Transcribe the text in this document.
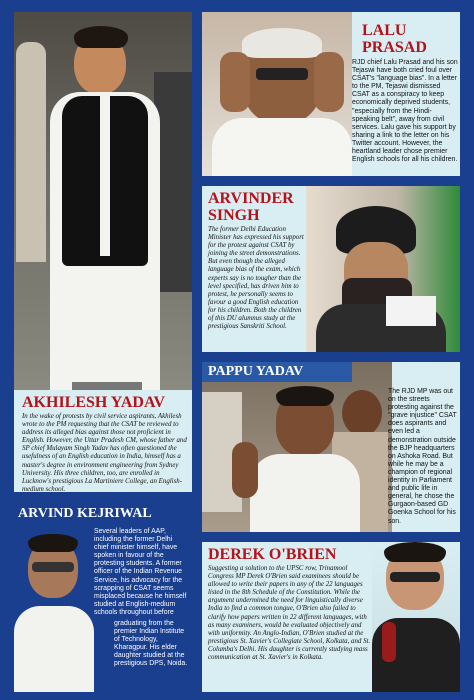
AKHILESH YADAV
In the wake of protests by civil service aspirants, Akhilesh wrote to the PM requesting that the CSAT be reviewed to address its alleged bias against those not proficient in English. However, the Uttar Pradesh CM, whose father and SP chief Mulayam Singh Yadav has often questioned the usefulness of an English education in India, himself has a master's degree in environment engineering from Sydney University. His three children, too, are enrolled in Lucknow's prestigious La Martiniere College, an English-medium school.
LALU
PRASAD
RJD chief Lalu Prasad and his son Tejaswi have both cried foul over CSAT's "language bias". In a letter to the PM, Tejaswi dismissed CSAT as a conspiracy to keep economically deprived students, "especially from the Hindi-speaking belt", away from civil services. Lalu gave his support by sharing a link to the letter on his Twitter account. However, the heartland leader chose premier English schools for all his children.
ARVINDER
SINGH
The former Delhi Education Minister has expressed his support for the protest against CSAT by joining the street demonstrations. But even though the alleged language bias of the exam, which experts say is no tougher than the level specified, has driven him to protest, he personally seems to favour a good English education for his children. Both the children of this DU alumnus study at the prestigious Sanskriti School.
PAPPU YADAV
The RJD MP was out on the streets protesting against the "grave injustice" CSAT does aspirants and even led a demonstration outside the BJP headquarters on Ashoka Road. But while he may be a champion of regional identity in Parliament and public life in general, he chose the Gurgaon-based GD Goenka School for his son.
ARVIND KEJRIWAL
Several leaders of AAP, including the former Delhi chief minister himself, have spoken in favour of the protesting students. A former officer of the Indian Revenue Service, his advocacy for the scrapping of CSAT seems misplaced because he himself studied at English-medium schools throughout before
graduating from the premier Indian Institute of Technology, Kharagpur. His elder daughter studied at the prestigious DPS, Noida.
DEREK O'BRIEN
Suggesting a solution to the UPSC row, Trinamool Congress MP Derek O'Brien said examinees should be allowed to write their papers in any of the 22 languages listed in the 8th Schedule of the Constitution. While the argument undermined the need for linguistically diverse India to find a common tongue, O'Brien also failed to clarify how papers written in 22 different languages, with as many examiners, would be evaluated objectively and with uniformity. An Anglo-Indian, O'Brien studied at the prestigious St. Xavier's Collegiate School, Kolkata, and St. Columba's Delhi. His daughter is currently studying mass communication at St. Xavier's in Kolkata.
